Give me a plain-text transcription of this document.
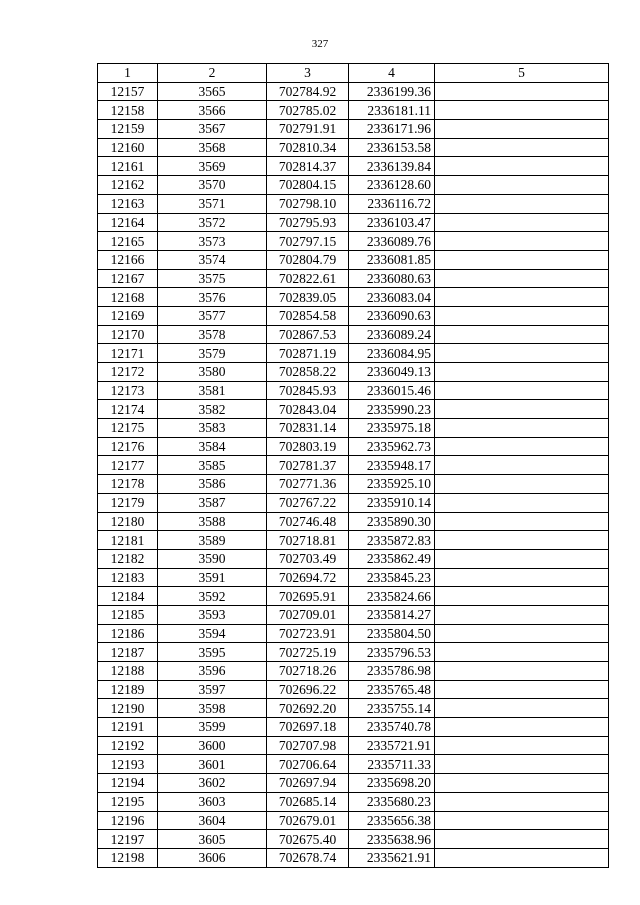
327
1	2	3	4	5
12157	3565	702784.92	2336199.36	
12158	3566	702785.02	2336181.11	
12159	3567	702791.91	2336171.96	
12160	3568	702810.34	2336153.58	
12161	3569	702814.37	2336139.84	
12162	3570	702804.15	2336128.60	
12163	3571	702798.10	2336116.72	
12164	3572	702795.93	2336103.47	
12165	3573	702797.15	2336089.76	
12166	3574	702804.79	2336081.85	
12167	3575	702822.61	2336080.63	
12168	3576	702839.05	2336083.04	
12169	3577	702854.58	2336090.63	
12170	3578	702867.53	2336089.24	
12171	3579	702871.19	2336084.95	
12172	3580	702858.22	2336049.13	
12173	3581	702845.93	2336015.46	
12174	3582	702843.04	2335990.23	
12175	3583	702831.14	2335975.18	
12176	3584	702803.19	2335962.73	
12177	3585	702781.37	2335948.17	
12178	3586	702771.36	2335925.10	
12179	3587	702767.22	2335910.14	
12180	3588	702746.48	2335890.30	
12181	3589	702718.81	2335872.83	
12182	3590	702703.49	2335862.49	
12183	3591	702694.72	2335845.23	
12184	3592	702695.91	2335824.66	
12185	3593	702709.01	2335814.27	
12186	3594	702723.91	2335804.50	
12187	3595	702725.19	2335796.53	
12188	3596	702718.26	2335786.98	
12189	3597	702696.22	2335765.48	
12190	3598	702692.20	2335755.14	
12191	3599	702697.18	2335740.78	
12192	3600	702707.98	2335721.91	
12193	3601	702706.64	2335711.33	
12194	3602	702697.94	2335698.20	
12195	3603	702685.14	2335680.23	
12196	3604	702679.01	2335656.38	
12197	3605	702675.40	2335638.96	
12198	3606	702678.74	2335621.91	
